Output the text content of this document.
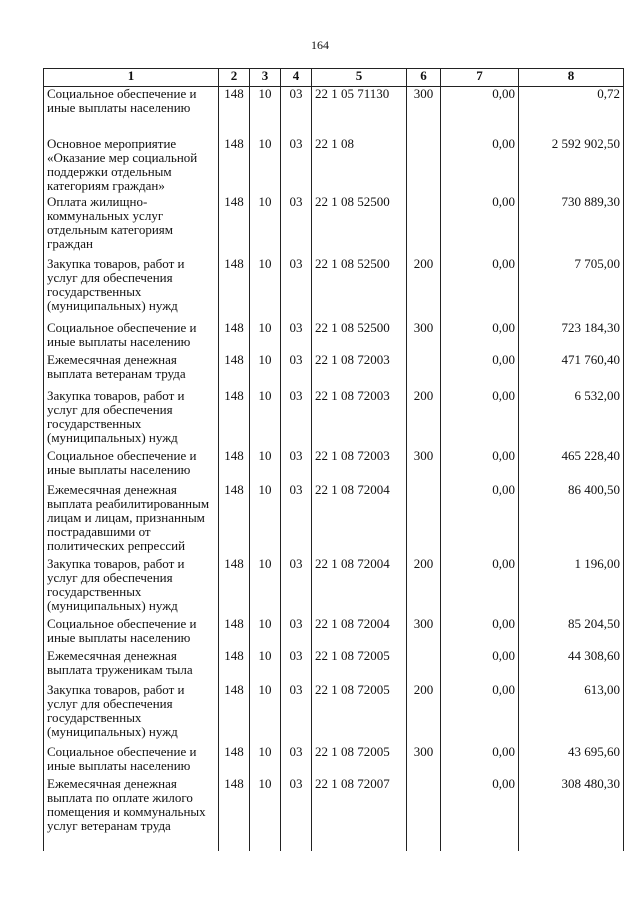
164
1	2	3	4	5	6	7	8
Социальное обеспечение и иные выплаты населению	148	10	03	22 1 05 71130	300	0,00	0,72
Основное мероприятие «Оказание мер социальной поддержки отдельным категориям граждан»	148	10	03	22 1 08		0,00	2 592 902,50
Оплата жилищно-коммунальных услуг отдельным категориям граждан	148	10	03	22 1 08 52500		0,00	730 889,30
Закупка товаров, работ и услуг для обеспечения государственных (муниципальных) нужд	148	10	03	22 1 08 52500	200	0,00	7 705,00
Социальное обеспечение и иные выплаты населению	148	10	03	22 1 08 52500	300	0,00	723 184,30
Ежемесячная денежная выплата ветеранам труда	148	10	03	22 1 08 72003		0,00	471 760,40
Закупка товаров, работ и услуг для обеспечения государственных (муниципальных) нужд	148	10	03	22 1 08 72003	200	0,00	6 532,00
Социальное обеспечение и иные выплаты населению	148	10	03	22 1 08 72003	300	0,00	465 228,40
Ежемесячная денежная выплата реабилитированным лицам и лицам, признанным пострадавшими от политических репрессий	148	10	03	22 1 08 72004		0,00	86 400,50
Закупка товаров, работ и услуг для обеспечения государственных (муниципальных) нужд	148	10	03	22 1 08 72004	200	0,00	1 196,00
Социальное обеспечение и иные выплаты населению	148	10	03	22 1 08 72004	300	0,00	85 204,50
Ежемесячная денежная выплата труженикам тыла	148	10	03	22 1 08 72005		0,00	44 308,60
Закупка товаров, работ и услуг для обеспечения государственных (муниципальных) нужд	148	10	03	22 1 08 72005	200	0,00	613,00
Социальное обеспечение и иные выплаты населению	148	10	03	22 1 08 72005	300	0,00	43 695,60
Ежемесячная денежная выплата по оплате жилого помещения и коммунальных услуг ветеранам труда	148	10	03	22 1 08 72007		0,00	308 480,30
